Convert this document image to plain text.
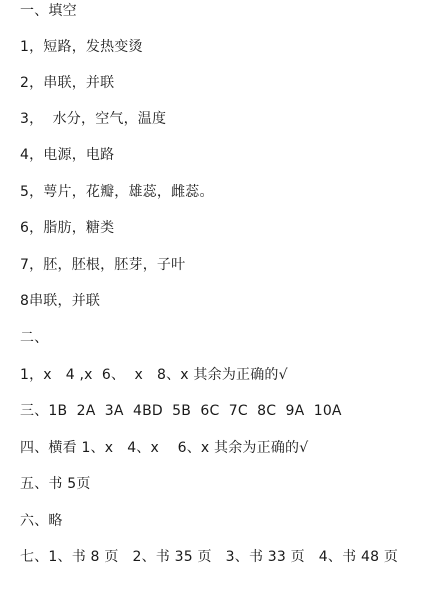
一、填空
1，短路，发热变烫
2，串联，并联
3，  水分，空气，温度
4，电源，电路
5，萼片，花瓣，雄蕊，雌蕊。
6，脂肪，糖类
7，胚，胚根，胚芽，子叶
8串联，并联
二、
1，x   4 ,x  6、  x   8、x 其余为正确的√
三、1B  2A  3A  4BD  5B  6C  7C  8C  9A  10A
四、横看 1、x   4、x    6、x 其余为正确的√
五、书 5页
六、略
七、1、书 8 页   2、书 35 页   3、书 33 页   4、书 48 页
